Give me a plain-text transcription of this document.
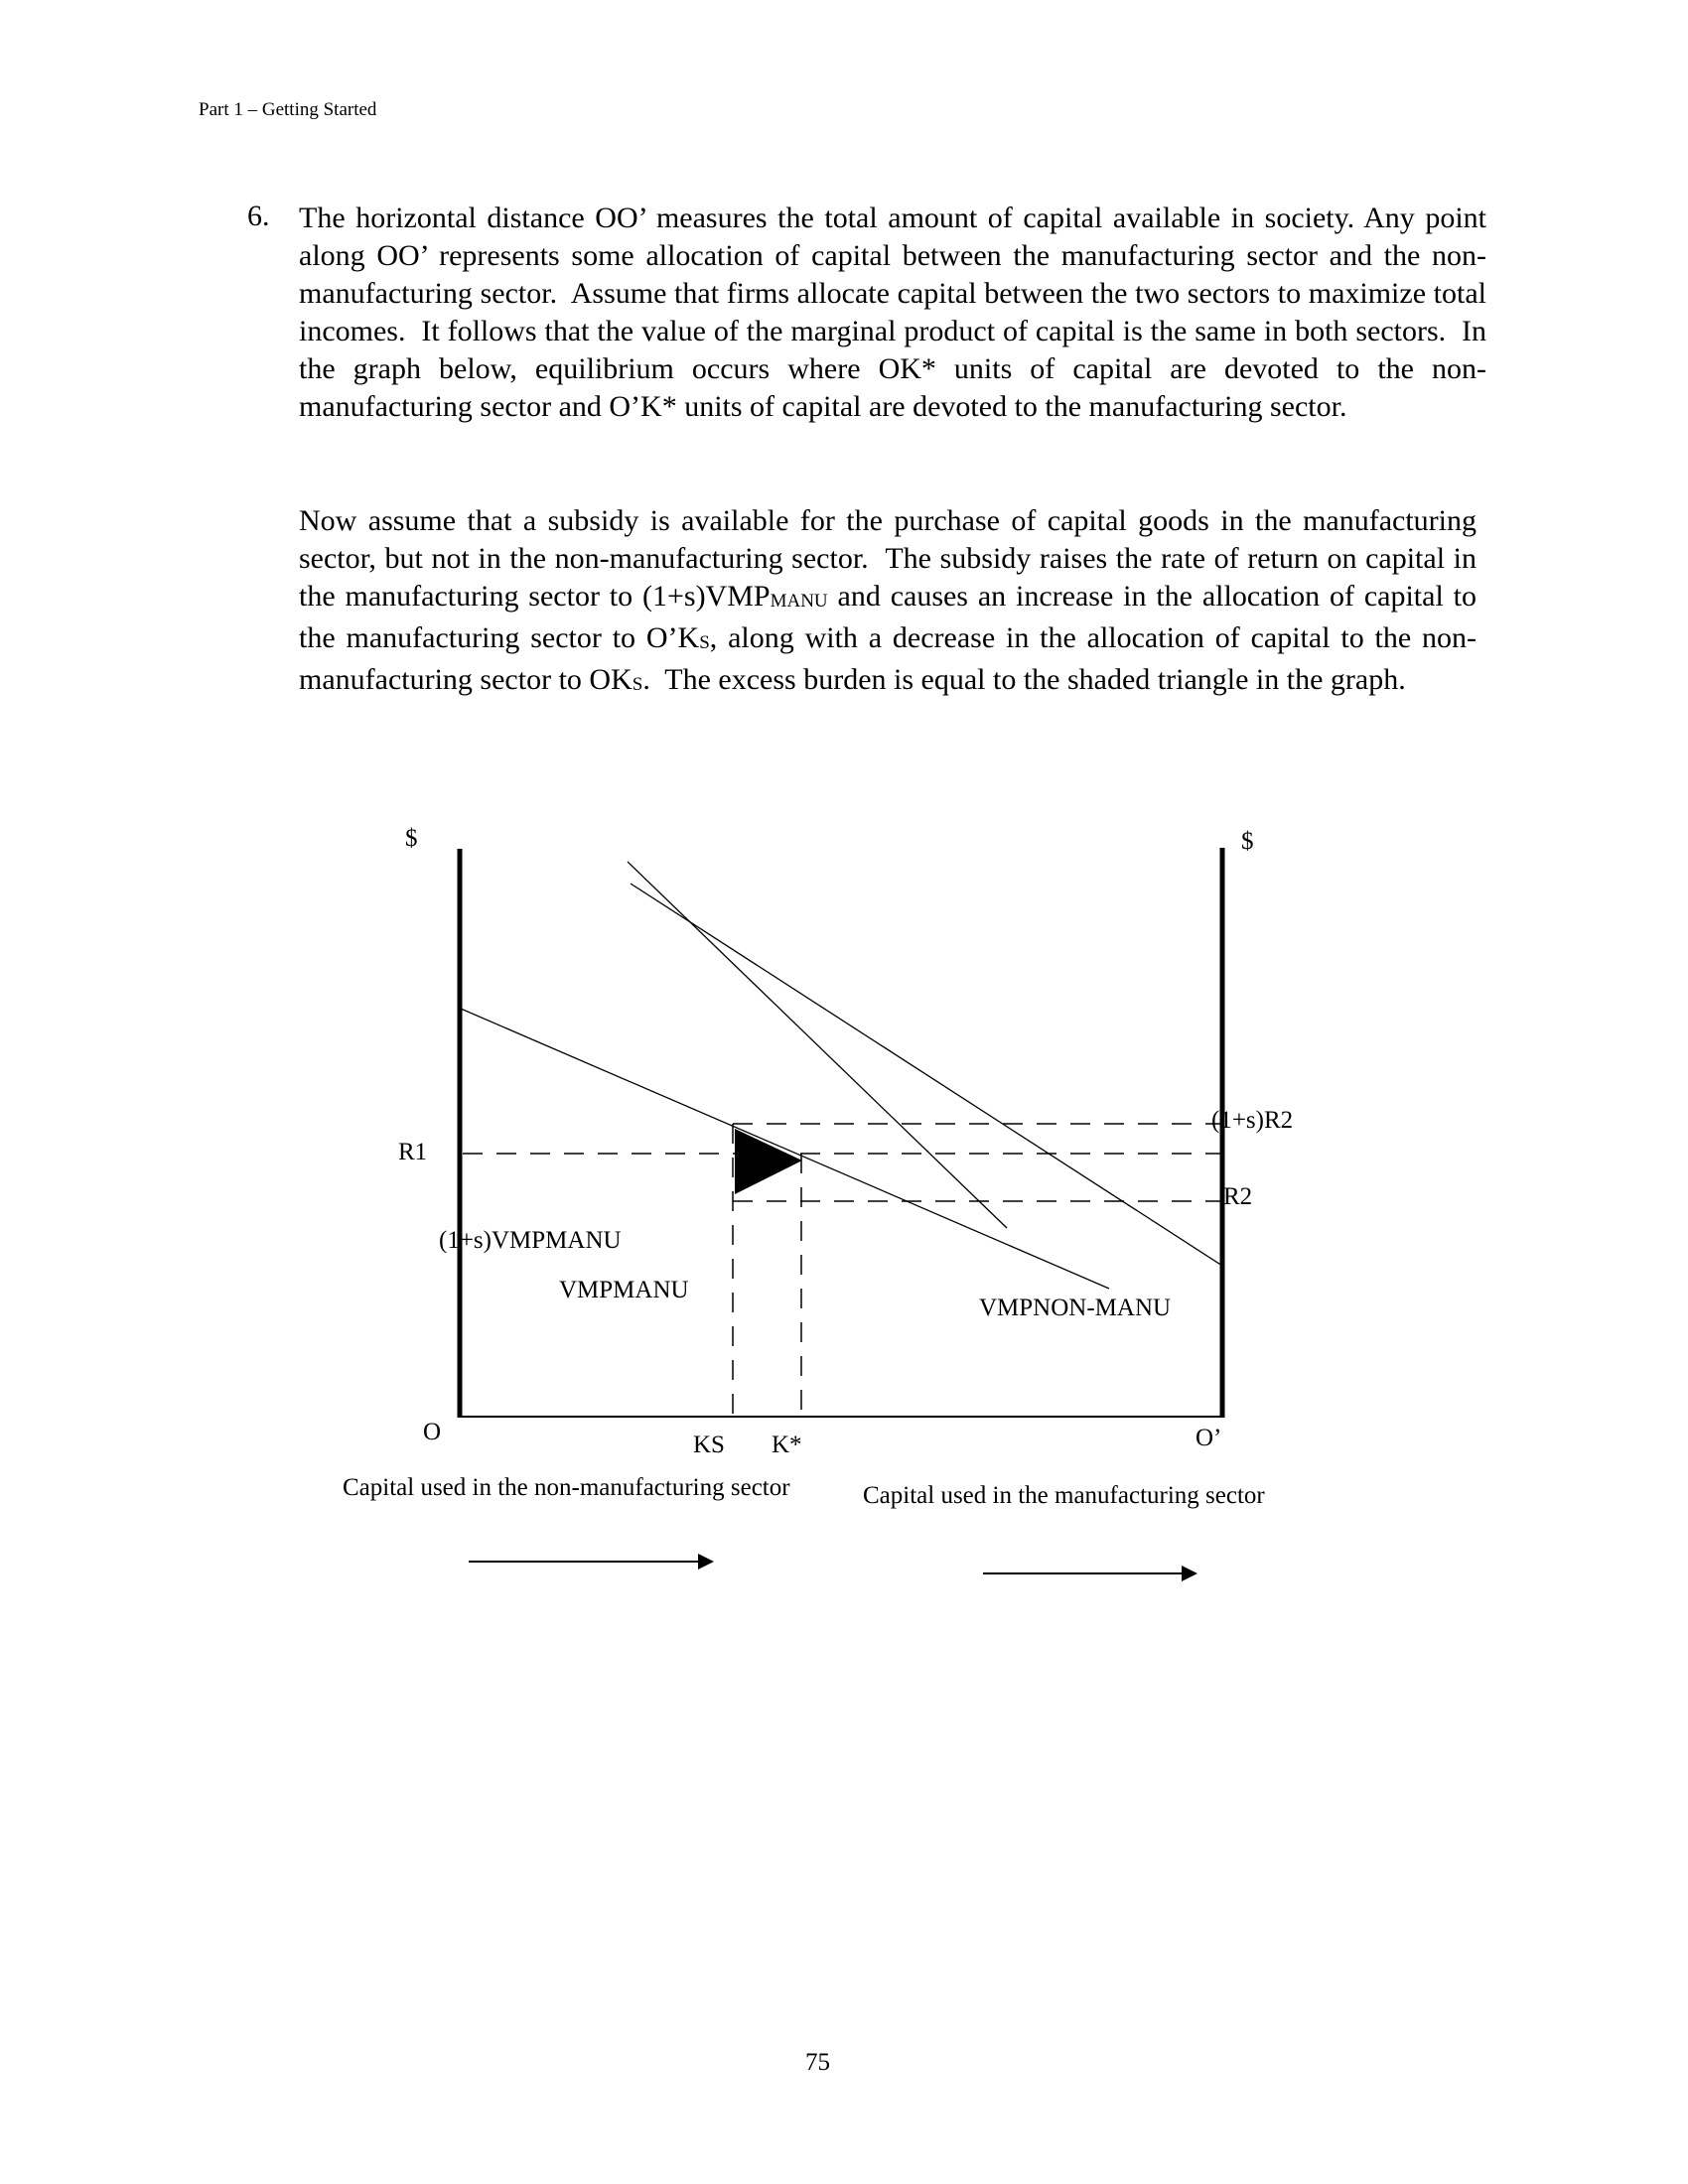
Part 1 – Getting Started
6. The horizontal distance OO’ measures the total amount of capital available in society. Any point along OO’ represents some allocation of capital between the manufacturing sector and the non-manufacturing sector.  Assume that firms allocate capital between the two sectors to maximize total incomes.  It follows that the value of the marginal product of capital is the same in both sectors.  In the graph below, equilibrium occurs where OK* units of capital are devoted to the non-manufacturing sector and O’K* units of capital are devoted to the manufacturing sector.
Now assume that a subsidy is available for the purchase of capital goods in the manufacturing sector, but not in the non-manufacturing sector.  The subsidy raises the rate of return on capital in the manufacturing sector to $(1+s)VMP_{MANU}$ and causes an increase in the allocation of capital to the manufacturing sector to $O’K_S$, along with a decrease in the allocation of capital to the non-manufacturing sector to $OK_S$.  The excess burden is equal to the shaded triangle in the graph.
$	$
R1
(1+s)R2
R2
(1+s)VMPMANU
VMPMANU
VMPNON-MANU
O	O’
KS K*
Capital used in the non-manufacturing sector	Capital used in the manufacturing sector
75
